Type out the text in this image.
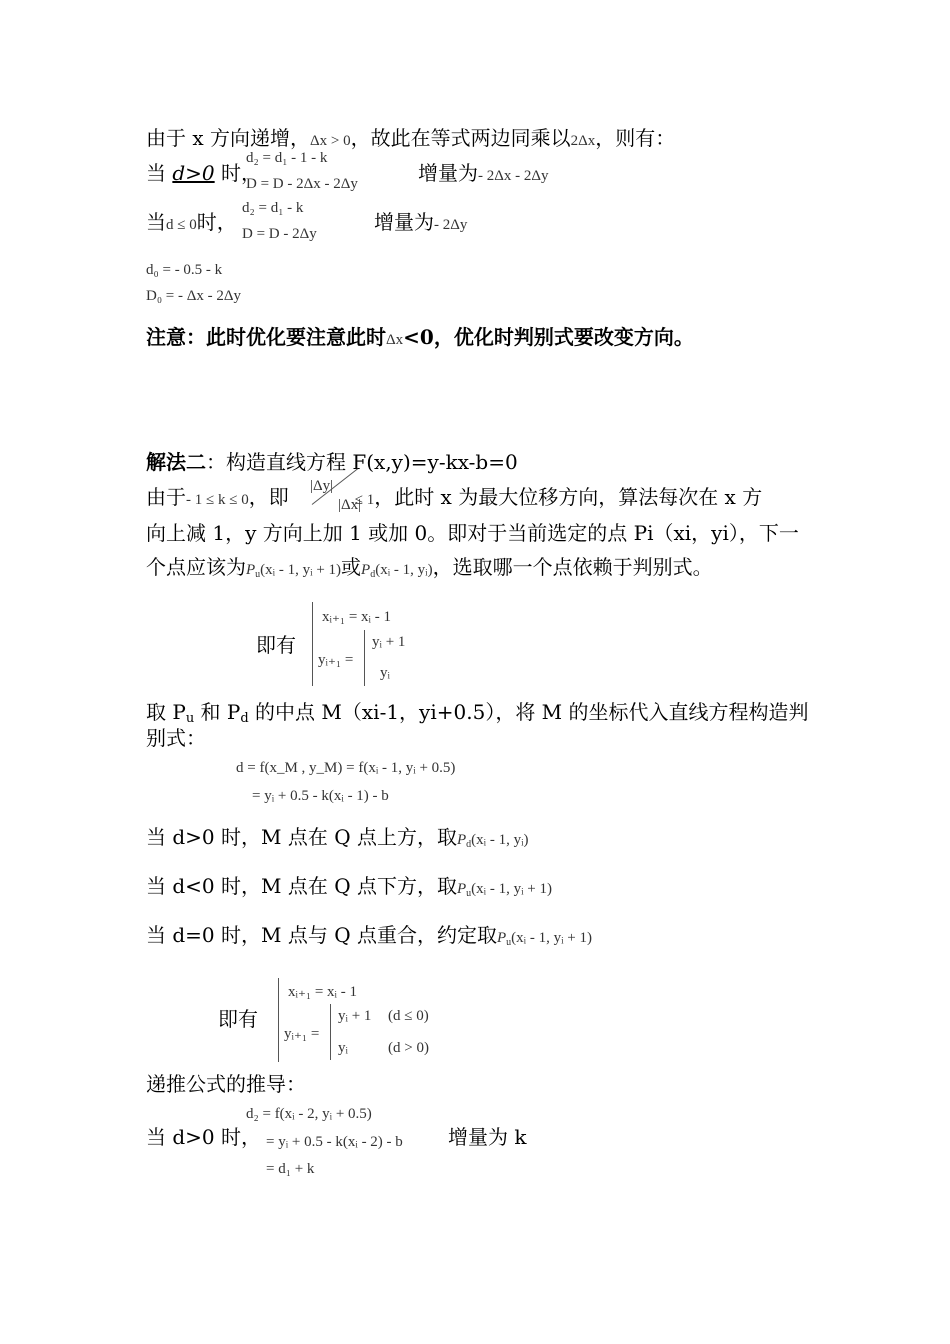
由于 x 方向递增，Δx > 0，故此在等式两边同乘以2Δx，则有：
当 d>0 时，
d₂ = d₁ - 1 - k
D = D - 2Δx - 2Δy	增量为- 2Δx - 2Δy
当d ≤ 0时，
d₂ = d₁ - k
D = D - 2Δy	增量为- 2Δy
d₀ = - 0.5 - k
D₀ = - Δx - 2Δy
注意：此时优化要注意此时Δx<0，优化时判别式要改变方向。
解法二：构造直线方程 F(x,y)=y-kx-b=0
由于- 1 ≤ k ≤ 0，即	≤ 1，此时 x 为最大位移方向，算法每次在 x 方
|Δy|
|Δx|
向上减 1，y 方向上加 1 或加 0。即对于当前选定的点 Pi（xi，yi），下一
个点应该为$P_u(xᵢ - 1$, yᵢ + 1)或$P_d(xᵢ - 1$, yᵢ)，选取哪一个点依赖于判别式。
即有
xᵢ₊₁ = xᵢ - 1
yᵢ₊₁ =
yᵢ + 1
yᵢ
取 Pu 和 Pd 的中点 M（xi-1，yi+0.5），将 M 的坐标代入直线方程构造判
别式：
d = f(x_M , y_M) = f(xᵢ - 1, yᵢ + 0.5)
= yᵢ + 0.5 - k(xᵢ - 1) - b
当 d>0 时，M 点在 Q 点上方，取$P_d(xᵢ - 1$, yᵢ)
当 d<0 时，M 点在 Q 点下方，取$P_u(xᵢ - 1$, yᵢ + 1)
当 d=0 时，M 点与 Q 点重合，约定取$P_u(xᵢ - 1$, yᵢ + 1)
即有
xᵢ₊₁ = xᵢ - 1
yᵢ₊₁ =
yᵢ + 1 (d ≤ 0)
yᵢ	(d > 0)
递推公式的推导：
当 d>0 时，
d₂ = f(xᵢ - 2, yᵢ + 0.5)
= yᵢ + 0.5 - k(xᵢ - 2) - b
= d₁ + k
增量为 k
